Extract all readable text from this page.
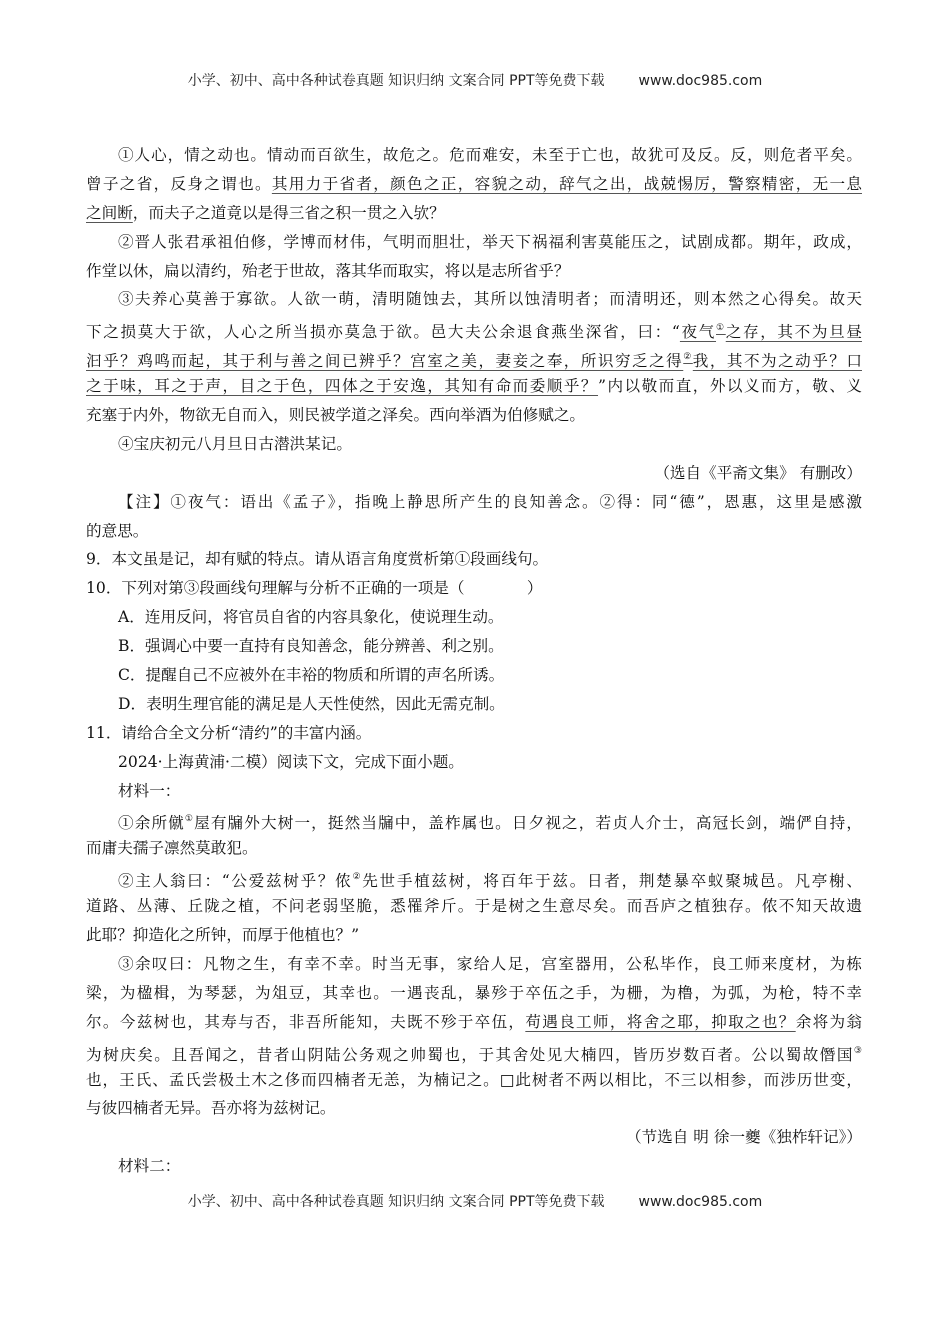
小学、初中、高中各种试卷真题 知识归纳 文案合同 PPT等免费下载 www.doc985.com
①人心，情之动也。情动而百欲生，故危之。危而难安，未至于亡也，故犹可及反。反，则危者平矣。
曾子之省，反身之谓也。其用力于省者，颜色之正，容貌之动，辞气之出，战兢惕厉，警察精密，无一息
之间断，而夫子之道竟以是得三省之积一贯之入欤？
②晋人张君承祖伯修，学博而材伟，气明而胆壮，举天下祸福利害莫能压之，试剧成都。期年，政成，
作堂以休，扁以清约，殆老于世故，落其华而取实，将以是志所省乎？
③夫养心莫善于寡欲。人欲一萌，清明随蚀去，其所以蚀清明者；而清明还，则本然之心得矣。故天
下之损莫大于欲，人心之所当损亦莫急于欲。邑大夫公余退食燕坐深省，曰：“夜气①之存，其不为旦昼
汩乎？鸡鸣而起，其于利与善之间已辨乎？宫室之美，妻妾之奉，所识穷乏之得②我，其不为之动乎？口
之于味，耳之于声，目之于色，四体之于安逸，其知有命而委顺乎？”内以敬而直，外以义而方，敬、义
充塞于内外，物欲无自而入，则民被学道之泽矣。西向举酒为伯修赋之。
④宝庆初元八月旦日古潜洪某记。
（选自《平斋文集》 有删改）
【注】①夜气：语出《孟子》，指晚上静思所产生的良知善念。②得：同“德”，恩惠，这里是感激
的意思。
9．本文虽是记，却有赋的特点。请从语言角度赏析第①段画线句。
10．下列对第③段画线句理解与分析不正确的一项是（　　　　）
A．连用反问，将官员自省的内容具象化，使说理生动。
B．强调心中要一直持有良知善念，能分辨善、利之别。
C．提醒自己不应被外在丰裕的物质和所谓的声名所诱。
D．表明生理官能的满足是人天性使然，因此无需克制。
11．请给合全文分析“清约”的丰富内涵。
2024·上海黄浦·二模）阅读下文，完成下面小题。
材料一：
①余所僦①屋有牖外大树一，挺然当牖中，盖柞属也。日夕视之，若贞人介士，高冠长剑，端俨自持，
而庸夫孺子凛然莫敢犯。
②主人翁曰：“公爱兹树乎？侬②先世手植兹树，将百年于兹。日者，荆楚暴卒蚁聚城邑。凡亭榭、
道路、丛薄、丘陇之植，不问老弱坚脆，悉罹斧斤。于是树之生意尽矣。而吾庐之植独存。侬不知天故遗
此耶？抑造化之所钟，而厚于他植也？”
③余叹曰：凡物之生，有幸不幸。时当无事，家给人足，宫室器用，公私毕作，良工师来度材，为栋
梁，为楹楫，为琴瑟，为俎豆，其幸也。一遇丧乱，暴殄于卒伍之手，为栅，为橹，为弧，为枪，特不幸
尔。今兹树也，其寿与否，非吾所能知，夫既不殄于卒伍，苟遇良工师，将舍之耶，抑取之也？余将为翁
为树庆矣。且吾闻之，昔者山阴陆公务观之帅蜀也，于其舍处见大楠四，皆历岁数百者。公以蜀故僭国③
也，王氏、孟氏尝极土木之侈而四楠者无恙，为楠记之。□此树者不两以相比，不三以相参，而涉历世变，
与彼四楠者无异。吾亦将为兹树记。
（节选自 明 徐一夔《独柞轩记》）
材料二：
小学、初中、高中各种试卷真题 知识归纳 文案合同 PPT等免费下载 www.doc985.com
